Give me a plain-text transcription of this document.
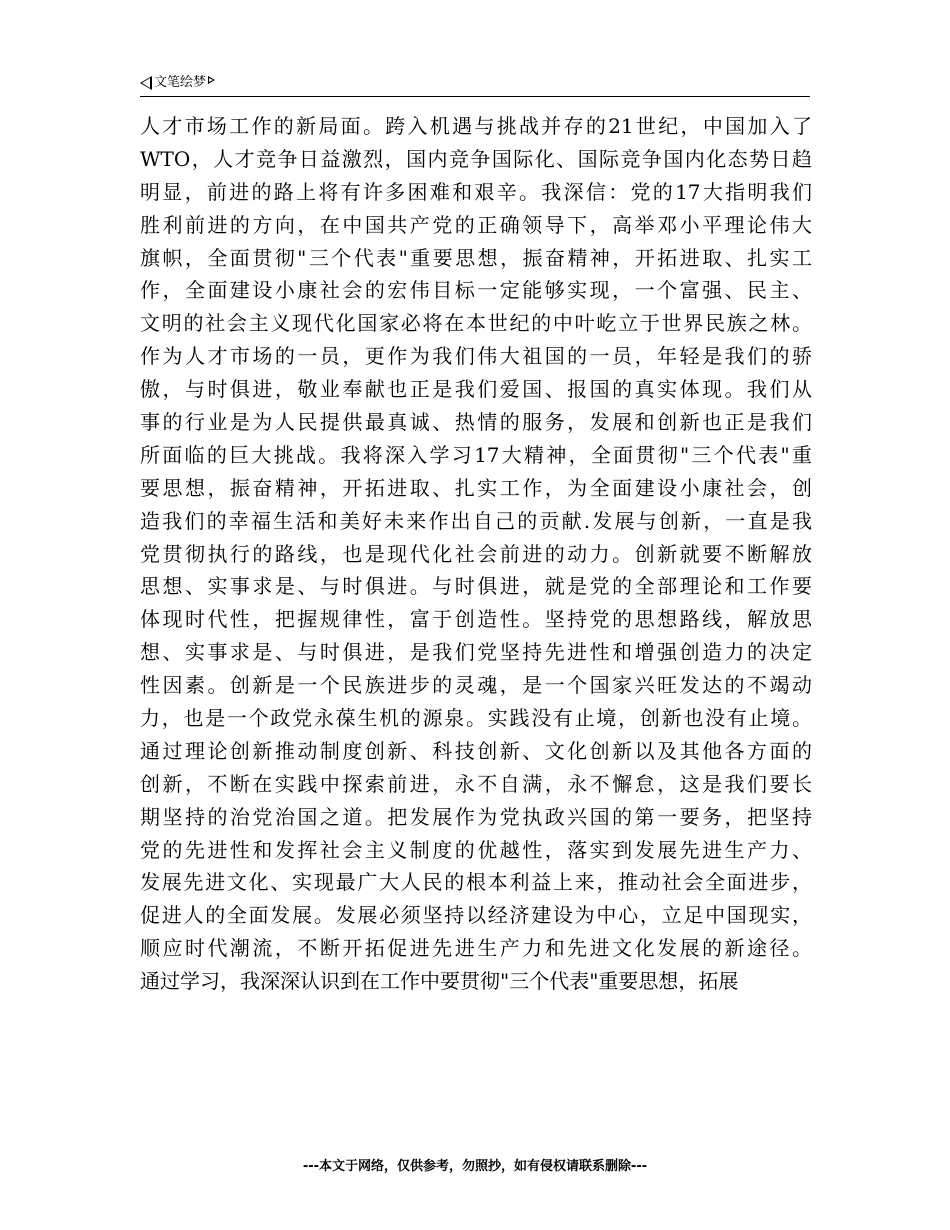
文笔绘梦
人才市场工作的新局面。跨入机遇与挑战并存的21世纪，中国加入了
WTO，人才竞争日益激烈，国内竞争国际化、国际竞争国内化态势日趋
明显，前进的路上将有许多困难和艰辛。我深信：党的17大指明我们
胜利前进的方向，在中国共产党的正确领导下，高举邓小平理论伟大
旗帜，全面贯彻"三个代表"重要思想，振奋精神，开拓进取、扎实工
作，全面建设小康社会的宏伟目标一定能够实现，一个富强、民主、
文明的社会主义现代化国家必将在本世纪的中叶屹立于世界民族之林。
作为人才市场的一员，更作为我们伟大祖国的一员，年轻是我们的骄
傲，与时俱进，敬业奉献也正是我们爱国、报国的真实体现。我们从
事的行业是为人民提供最真诚、热情的服务，发展和创新也正是我们
所面临的巨大挑战。我将深入学习17大精神，全面贯彻"三个代表"重
要思想，振奋精神，开拓进取、扎实工作，为全面建设小康社会，创
造我们的幸福生活和美好未来作出自己的贡献.发展与创新，一直是我
党贯彻执行的路线，也是现代化社会前进的动力。创新就要不断解放
思想、实事求是、与时俱进。与时俱进，就是党的全部理论和工作要
体现时代性，把握规律性，富于创造性。坚持党的思想路线，解放思
想、实事求是、与时俱进，是我们党坚持先进性和增强创造力的决定
性因素。创新是一个民族进步的灵魂，是一个国家兴旺发达的不竭动
力，也是一个政党永葆生机的源泉。实践没有止境，创新也没有止境。
通过理论创新推动制度创新、科技创新、文化创新以及其他各方面的
创新，不断在实践中探索前进，永不自满，永不懈怠，这是我们要长
期坚持的治党治国之道。把发展作为党执政兴国的第一要务，把坚持
党的先进性和发挥社会主义制度的优越性，落实到发展先进生产力、
发展先进文化、实现最广大人民的根本利益上来，推动社会全面进步，
促进人的全面发展。发展必须坚持以经济建设为中心，立足中国现实，
顺应时代潮流，不断开拓促进先进生产力和先进文化发展的新途径。
通过学习，我深深认识到在工作中要贯彻"三个代表"重要思想，拓展
---本文于网络，仅供参考，勿照抄，如有侵权请联系删除---
